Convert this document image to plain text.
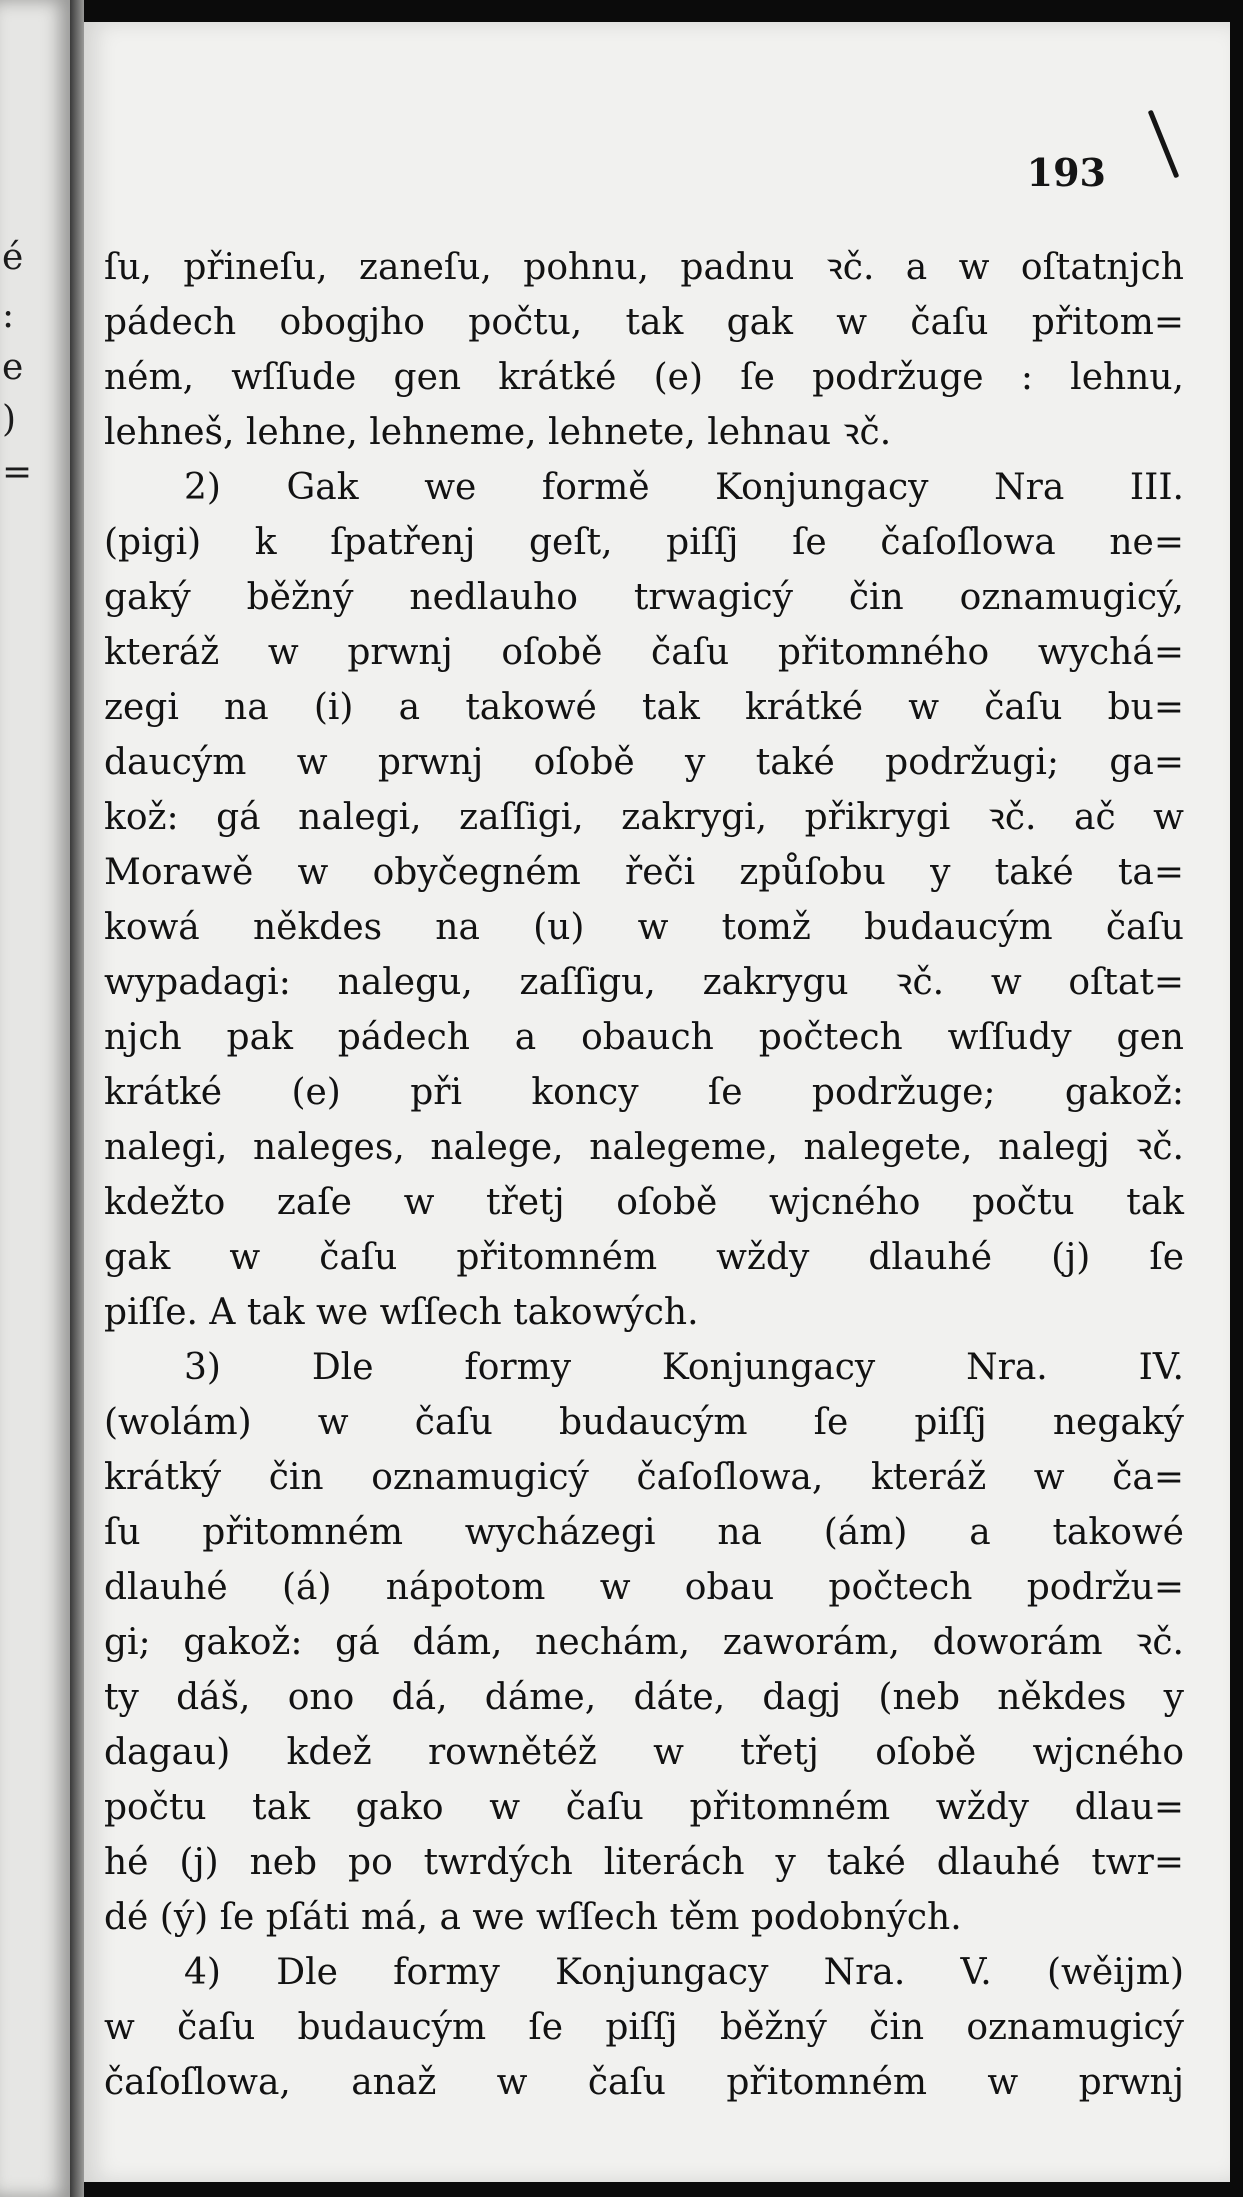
é
:
e
)
=
193
ſu, přineſu, zaneſu, pohnu, padnu ꝛč. a w oſtatnjch
pádech obogjho počtu, tak gak w čaſu přitom=
ném, wſſude gen krátké (e) ſe podržuge : lehnu,
lehneš, lehne, lehneme, lehnete, lehnau ꝛč.
2) Gak we formě Konjungacy Nra III.
(pigi) k ſpatřenj geſt, piſſj ſe čaſoſlowa ne=
gaký běžný nedlauho trwagicý čin oznamugicý,
kteráž w prwnj oſobě čaſu přitomného wychá=
zegi na (i) a takowé tak krátké w čaſu bu=
daucým w prwnj oſobě y také podržugi; ga=
kož: gá nalegi, zaſſigi, zakrygi, přikrygi ꝛč. ač w
Morawě w obyčegném řeči způſobu y také ta=
kowá někdes na (u) w tomž budaucým čaſu
wypadagi: nalegu, zaſſigu, zakrygu ꝛč. w oſtat=
njch pak pádech a obauch počtech wſſudy gen
krátké (e) při koncy ſe podržuge; gakož:
nalegi, naleges, nalege, nalegeme, nalegete, nalegj ꝛč.
kdežto zaſe w třetj oſobě wjcného počtu tak
gak w čaſu přitomném wždy dlauhé (j) ſe
piſſe. A tak we wſſech takowých.
3) Dle formy Konjungacy Nra. IV.
(wolám) w čaſu budaucým ſe piſſj negaký
krátký čin oznamugicý čaſoſlowa, kteráž w ča=
ſu přitomném wycházegi na (ám) a takowé
dlauhé (á) nápotom w obau počtech podržu=
gi; gakož: gá dám, nechám, zaworám, doworám ꝛč.
ty dáš, ono dá, dáme, dáte, dagj (neb někdes y
dagau) kdež rownětéž w třetj oſobě wjcného
počtu tak gako w čaſu přitomném wždy dlau=
hé (j) neb po twrdých literách y také dlauhé twr=
dé (ý) ſe pſáti má, a we wſſech těm podobných.
4) Dle formy Konjungacy Nra. V. (wěijm)
w čaſu budaucým ſe piſſj běžný čin oznamugicý
čaſoſlowa, anaž w čaſu přitomném w prwnj
